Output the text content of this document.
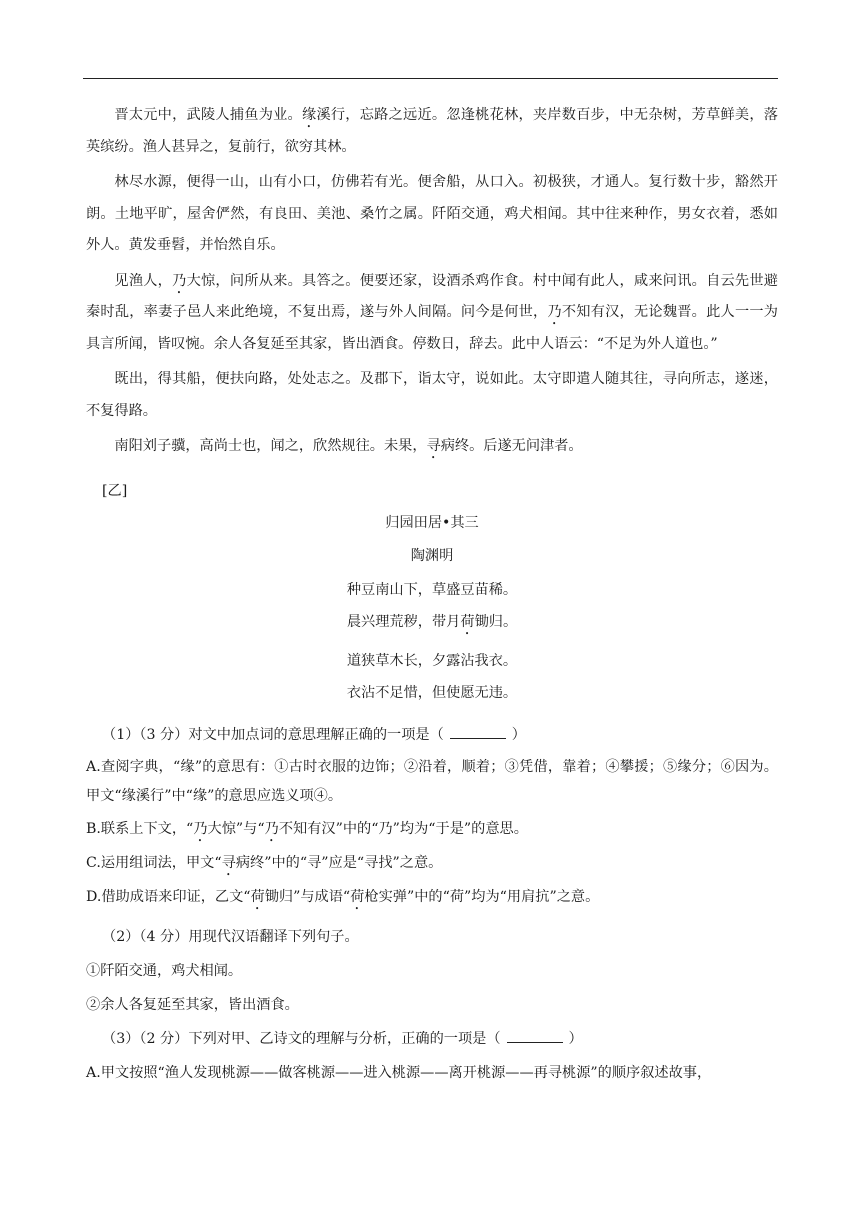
晋太元中，武陵人捕鱼为业。缘溪行，忘路之远近。忽逢桃花林，夹岸数百步，中无杂树，芳草鲜美，落英缤纷。渔人甚异之，复前行，欲穷其林。

林尽水源，便得一山，山有小口，仿佛若有光。便舍船，从口入。初极狭，才通人。复行数十步，豁然开朗。土地平旷，屋舍俨然，有良田、美池、桑竹之属。阡陌交通，鸡犬相闻。其中往来种作，男女衣着，悉如外人。黄发垂髫，并怡然自乐。

见渔人，乃大惊，问所从来。具答之。便要还家，设酒杀鸡作食。村中闻有此人，咸来问讯。自云先世避秦时乱，率妻子邑人来此绝境，不复出焉，遂与外人间隔。问今是何世，乃不知有汉，无论魏晋。此人一一为具言所闻，皆叹惋。余人各复延至其家，皆出酒食。停数日，辞去。此中人语云：“不足为外人道也。”

既出，得其船，便扶向路，处处志之。及郡下，诣太守，说如此。太守即遣人随其往，寻向所志，遂迷，不复得路。

南阳刘子骥，高尚士也，闻之，欣然规往。未果，寻病终。后遂无问津者。

[乙]

归园田居•其三

陶渊明

种豆南山下，草盛豆苗稀。

晨兴理荒秽，带月荷锄归。

道狭草木长，夕露沾我衣。

衣沾不足惜，但使愿无违。

（1）（3 分）对文中加点词的意思理解正确的一项是（	）

A.查阅字典，“缘”的意思有：①古时衣服的边饰；②沿着，顺着；③凭借，靠着；④攀援；⑤缘分；⑥因为。甲文“缘溪行”中“缘”的意思应选义项④。

B.联系上下文，“乃大惊”与“乃不知有汉”中的“乃”均为“于是”的意思。

C.运用组词法，甲文“寻病终”中的“寻”应是“寻找”之意。

D.借助成语来印证，乙文“荷锄归”与成语“荷枪实弹”中的“荷”均为“用肩抗”之意。

（2）（4 分）用现代汉语翻译下列句子。

①阡陌交通，鸡犬相闻。

②余人各复延至其家，皆出酒食。

（3）（2 分）下列对甲、乙诗文的理解与分析，正确的一项是（	）

A.甲文按照“渔人发现桃源——做客桃源——进入桃源——离开桃源——再寻桃源”的顺序叙述故事，
